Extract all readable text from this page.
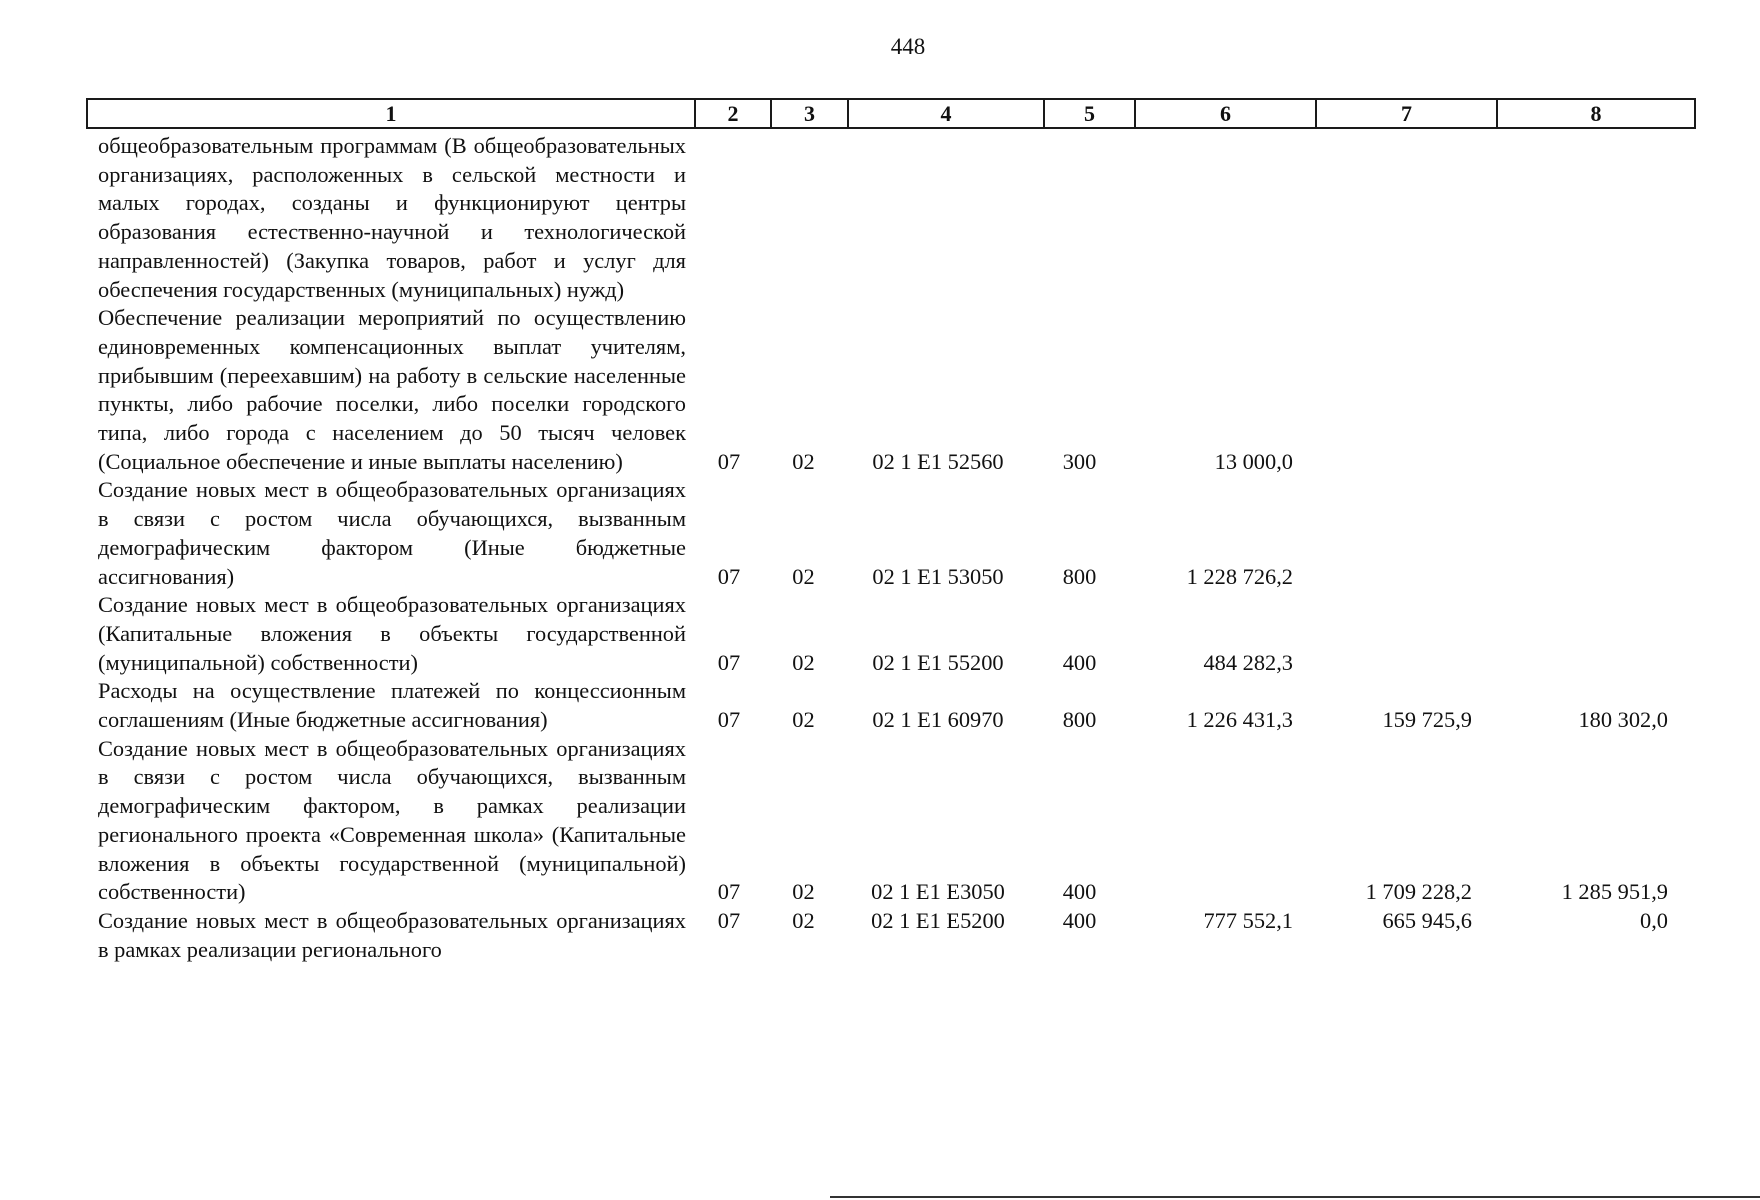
448
1	2	3	4	5	6	7	8
общеобразовательным программам (В общеобразовательных организациях, расположенных в сельской местности и малых городах, созданы и функционируют центры образования естественно-научной и технологической направленностей) (Закупка товаров, работ и услуг для обеспечения государственных (муниципальных) нужд)							
Обеспечение реализации мероприятий по осуществлению единовременных компенсационных выплат учителям, прибывшим (переехавшим) на работу в сельские населенные пункты, либо рабочие поселки, либо поселки городского типа, либо города с населением до 50 тысяч человек (Социальное обеспечение и иные выплаты населению)	07	02	02 1 E1 52560	300	13 000,0		
Создание новых мест в общеобразовательных организациях в связи с ростом числа обучающихся, вызванным демографическим фактором (Иные бюджетные ассигнования)	07	02	02 1 E1 53050	800	1 228 726,2		
Создание новых мест в общеобразовательных организациях (Капитальные вложения в объекты государственной (муниципальной) собственности)	07	02	02 1 E1 55200	400	484 282,3		
Расходы на осуществление платежей по концессионным соглашениям (Иные бюджетные ассигнования)	07	02	02 1 E1 60970	800	1 226 431,3	159 725,9	180 302,0
Создание новых мест в общеобразовательных организациях в связи с ростом числа обучающихся, вызванным демографическим фактором, в рамках реализации регионального проекта «Современная школа» (Капитальные вложения в объекты государственной (муниципальной) собственности)	07	02	02 1 E1 E3050	400		1 709 228,2	1 285 951,9
Создание новых мест в общеобразовательных организациях в рамках реализации регионального	07	02	02 1 E1 E5200	400	777 552,1	665 945,6	0,0
